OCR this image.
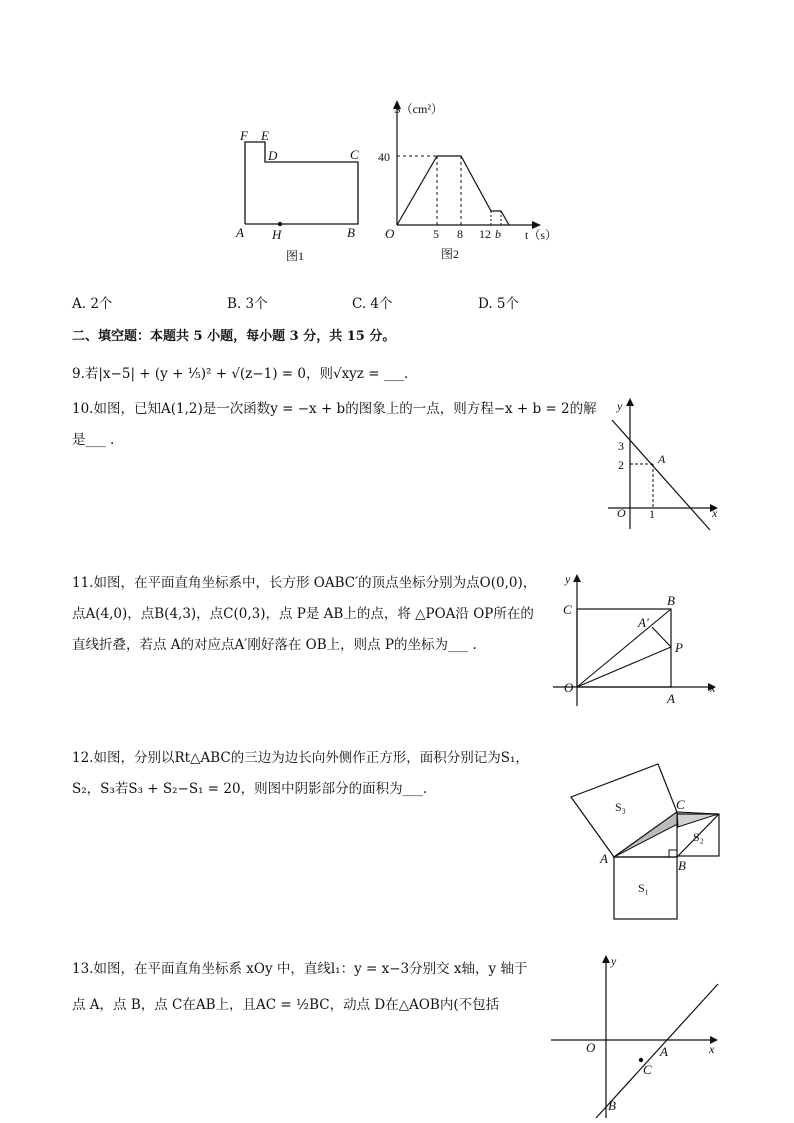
F E
D	C
A H	B
图1
S（cm²）
40
O	5 8 12 b t（s）
图2
A. 2个	B. 3个	C. 4个	D. 5个
二、填空题：本题共 5 小题，每小题 3 分，共 15 分。
9.若|x−5| + (y + ⅕)² + √(z−1) = 0，则√xyz = ___.
10.如图，已知A(1,2)是一次函数y = −x + b的图象上的一点，则方程−x + b = 2的解
是___ .
y
3
2	A
O 1	x
11.如图，在平面直角坐标系中，长方形 OABC′的顶点坐标分别为点O(0,0)，
点A(4,0)，点B(4,3)，点C(0,3)，点 P是 AB上的点，将 △POA沿 OP所在的
直线折叠，若点 A的对应点A′刚好落在 OB上，则点 P的坐标为___ .
y
C
B
A′
P
O
A
x
12.如图，分别以Rt△ABC的三边为边长向外侧作正方形，面积分别记为S₁，
S₂，S₃若S₃ + S₂−S₁ = 20，则图中阴影部分的面积为___.
S₃
S₂
S₁
C
A	B
13.如图，在平面直角坐标系 xOy 中，直线l₁：y = x−3分别交 x轴，y 轴于
点 A，点 B，点 C在AB上，且AC = ½BC，动点 D在△AOB内(不包括
y
O	A	x
C
B
